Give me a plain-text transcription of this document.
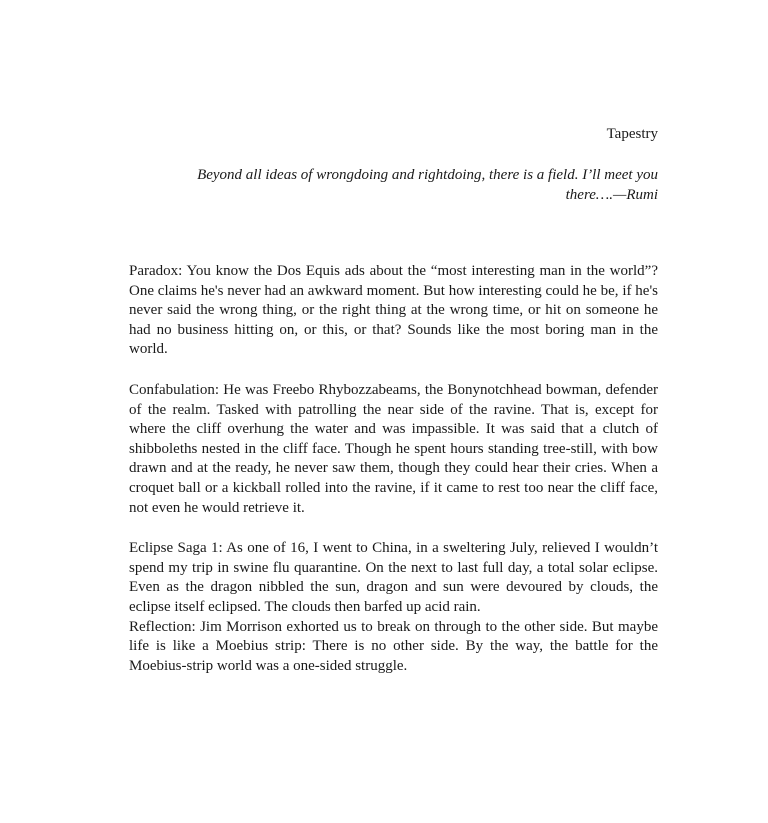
Tapestry
Beyond all ideas of wrongdoing and rightdoing, there is a field. I’ll meet you there….—Rumi

Paradox: You know the Dos Equis ads about the “most interesting man in the world”? One claims he's never had an awkward moment. But how interesting could he be, if he's never said the wrong thing, or the right thing at the wrong time, or hit on someone he had no business hitting on, or this, or that? Sounds like the most boring man in the world.

Confabulation: He was Freebo Rhybozzabeams, the Bonynotchhead bowman, defender of the realm. Tasked with patrolling the near side of the ravine. That is, except for where the cliff overhung the water and was impassible. It was said that a clutch of shibboleths nested in the cliff face. Though he spent hours standing tree-still, with bow drawn and at the ready, he never saw them, though they could hear their cries. When a croquet ball or a kickball rolled into the ravine, if it came to rest too near the cliff face, not even he would retrieve it.

Eclipse Saga 1: As one of 16, I went to China, in a sweltering July, relieved I wouldn’t spend my trip in swine flu quarantine. On the next to last full day, a total solar eclipse. Even as the dragon nibbled the sun, dragon and sun were devoured by clouds, the eclipse itself eclipsed. The clouds then barfed up acid rain.

Reflection: Jim Morrison exhorted us to break on through to the other side. But maybe life is like a Moebius strip: There is no other side. By the way, the battle for the Moebius-strip world was a one-sided struggle.
